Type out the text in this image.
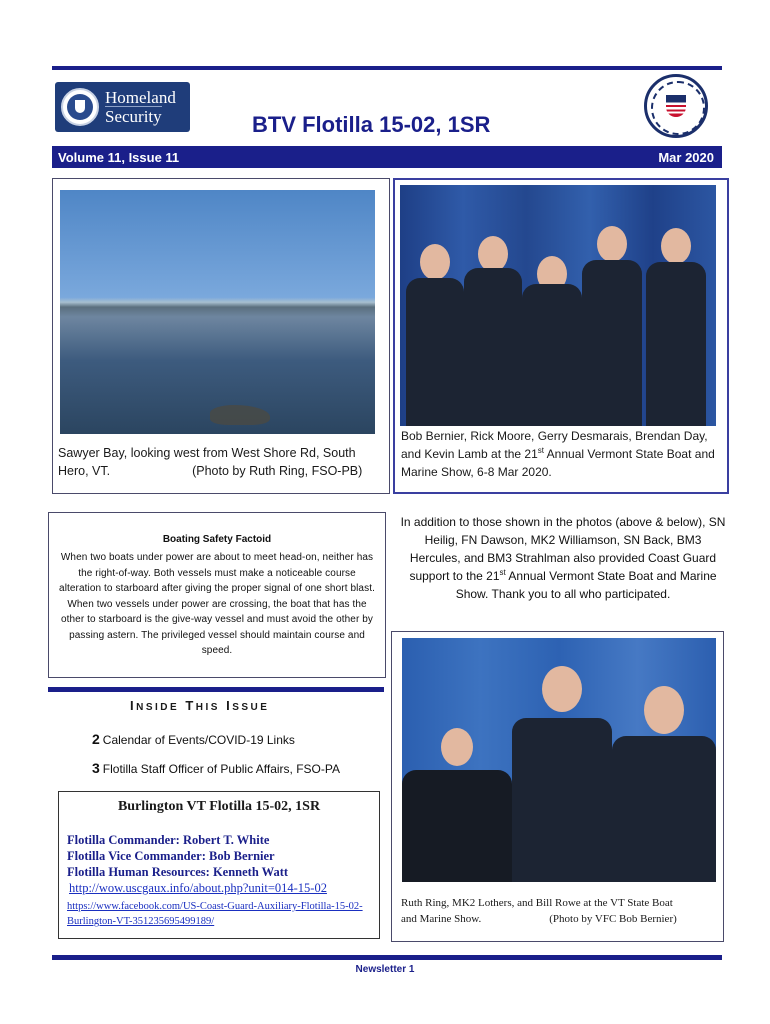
Homeland
Security	BTV Flotilla 15-02, 1SR
Volume 11, Issue 11	Mar 2020
Sawyer Bay, looking west from West Shore Rd, South
Hero, VT.	(Photo by Ruth Ring, FSO-PB)
Bob Bernier, Rick Moore, Gerry Desmarais, Brendan Day, and Kevin Lamb at the 21st Annual Vermont State Boat and Marine Show, 6-8 Mar 2020.
Boating Safety Factoid
When two boats under power are about to meet head-on, neither has the right-of-way. Both vessels must make a noticeable course alteration to starboard after giving the proper signal of one short blast. When two vessels under power are crossing, the boat that has the other to starboard is the give-way vessel and must avoid the other by passing astern. The privileged vessel should maintain course and speed.
In addition to those shown in the photos (above & below), SN Heilig, FN Dawson, MK2 Williamson, SN Back, BM3 Hercules, and BM3 Strahlman also provided Coast Guard support to the 21st Annual Vermont State Boat and Marine Show. Thank you to all who participated.
INSIDE THIS ISSUE
2 Calendar of Events/COVID-19 Links
3 Flotilla Staff Officer of Public Affairs, FSO-PA
Burlington VT Flotilla 15-02, 1SR
Flotilla Commander: Robert T. White
Flotilla Vice Commander: Bob Bernier
Flotilla Human Resources: Kenneth Watt
http://wow.uscgaux.info/about.php?unit=014-15-02
https://www.facebook.com/US-Coast-Guard-Auxiliary-Flotilla-15-02-Burlington-VT-351235695499189/
Ruth Ring, MK2 Lothers, and Bill Rowe at the VT State Boat
and Marine Show.	(Photo by VFC Bob Bernier)
Newsletter 1
